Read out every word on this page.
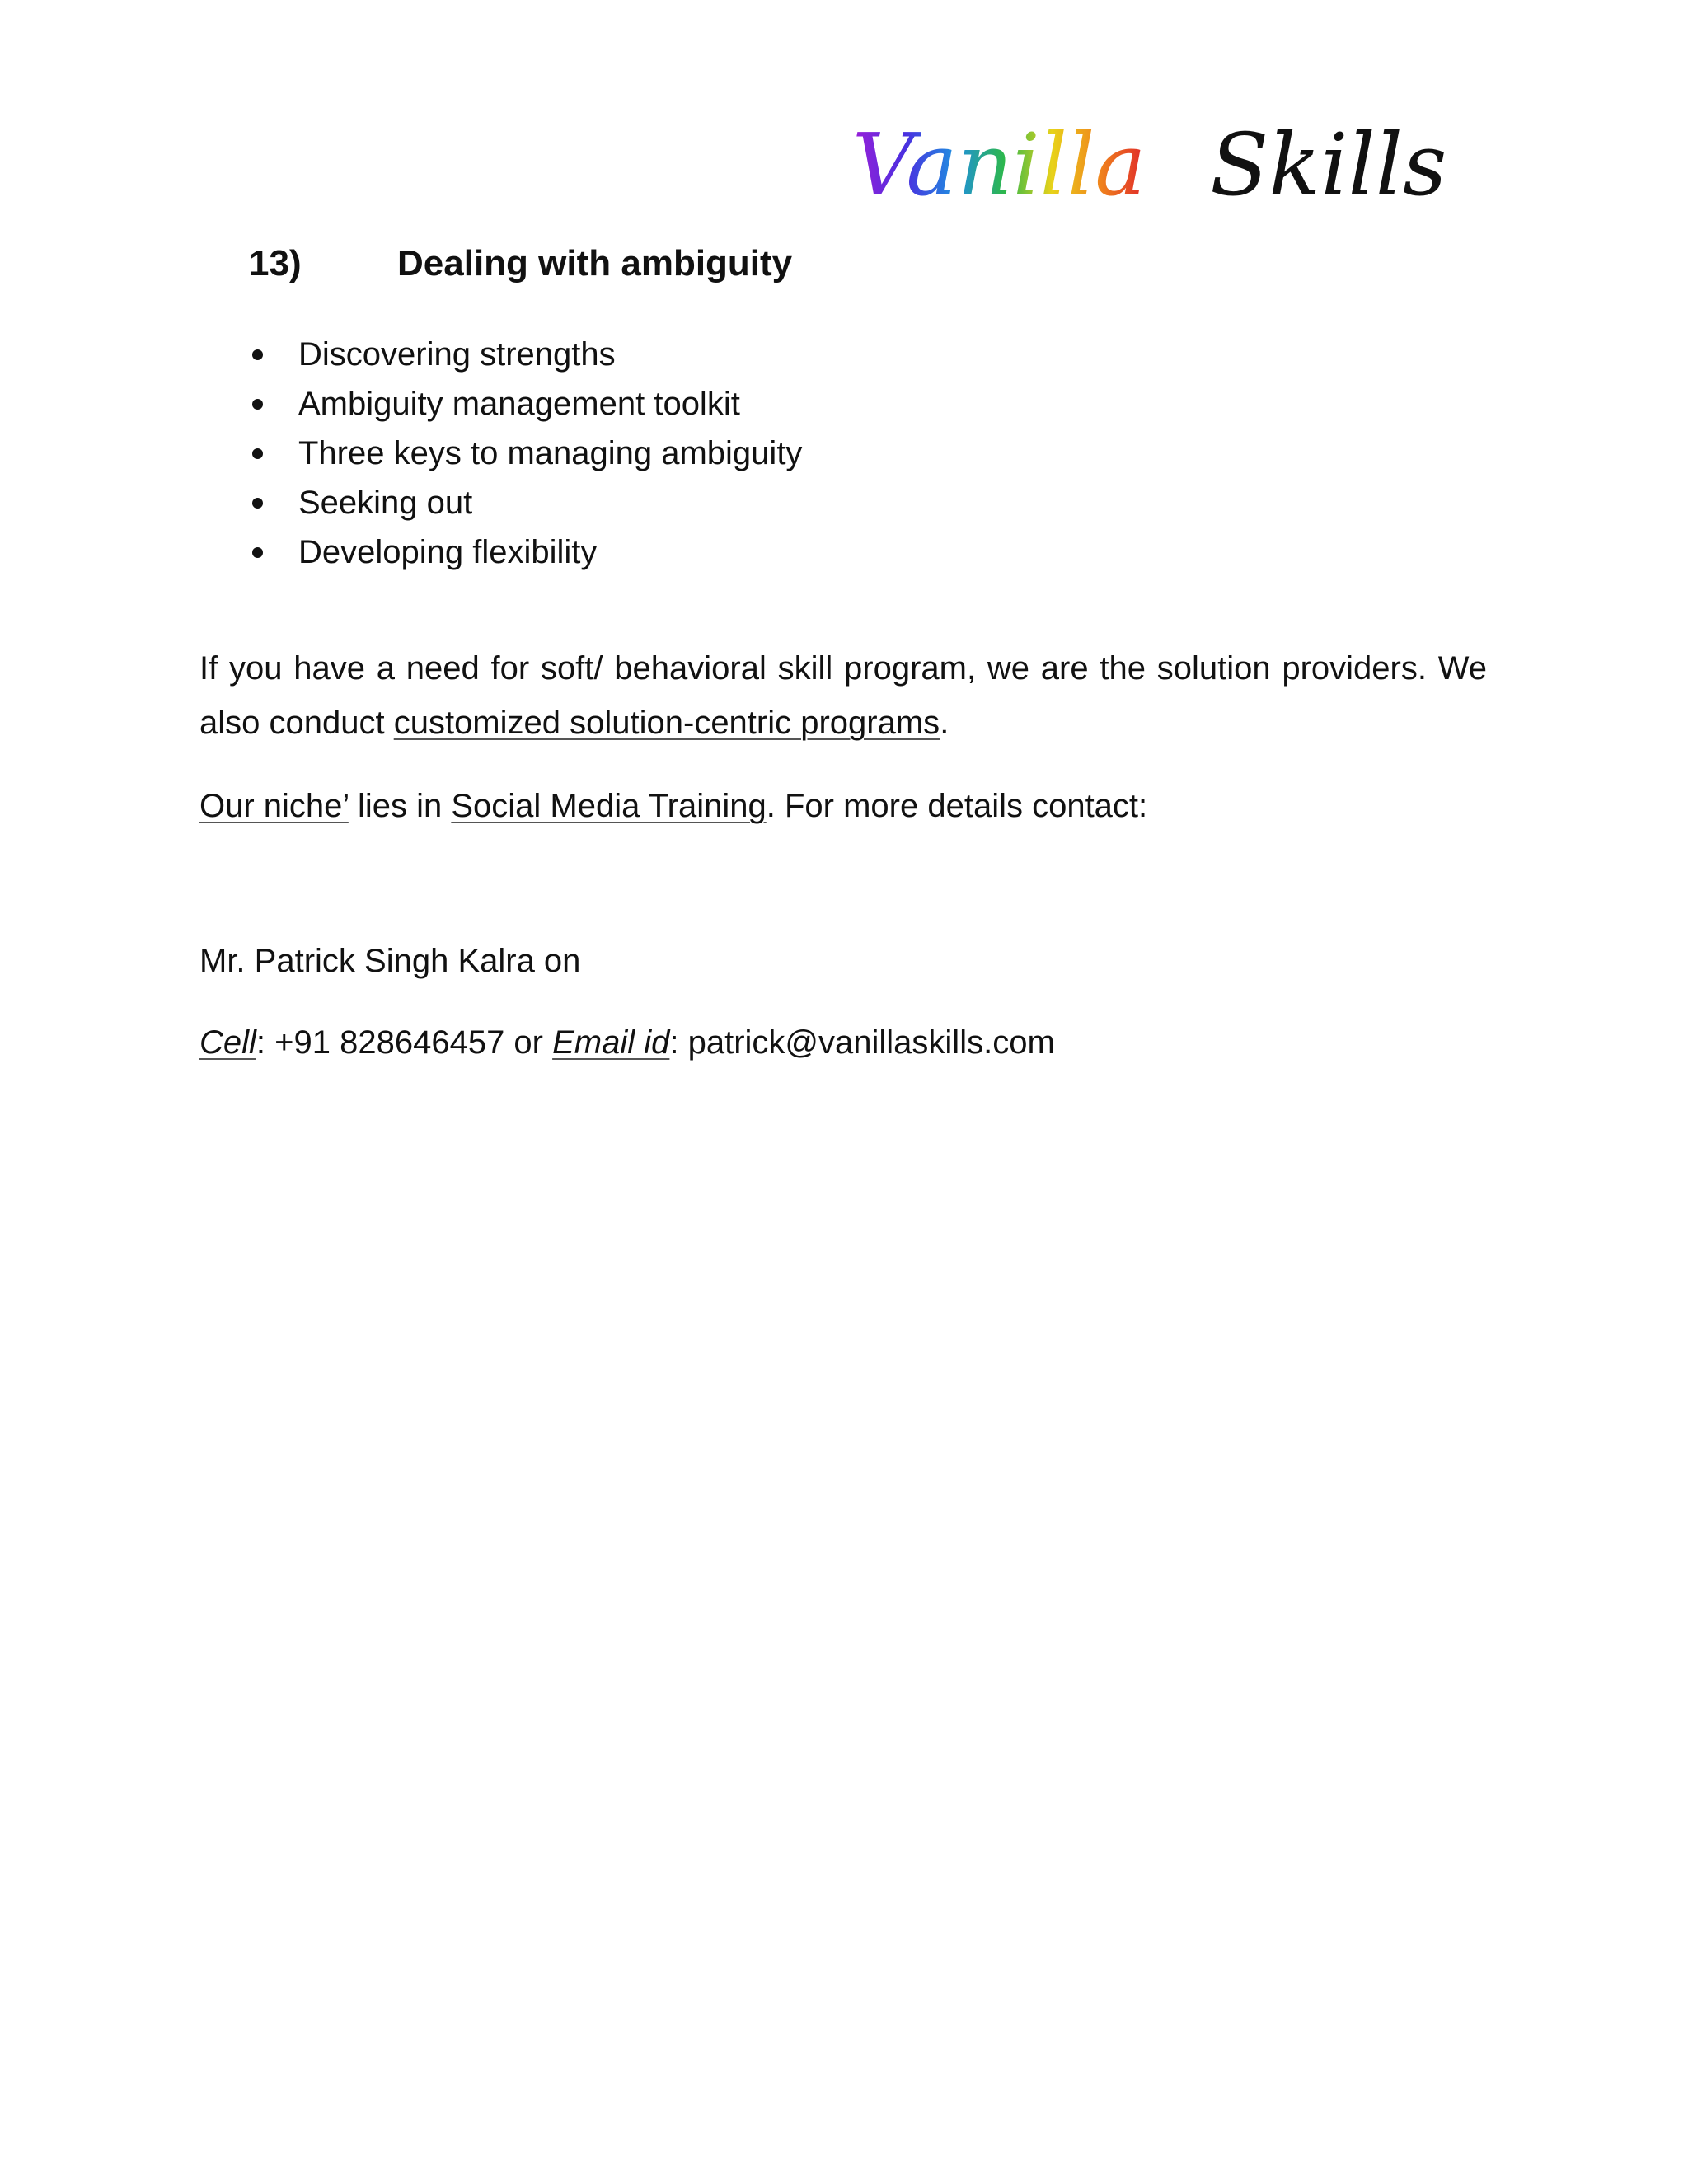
Vanilla Skills
13)	Dealing with ambiguity
Discovering strengths
Ambiguity management toolkit
Three keys to managing ambiguity
Seeking out
Developing flexibility

If you have a need for soft/ behavioral skill program, we are the solution providers. We also conduct customized solution-centric programs.

Our niche’ lies in Social Media Training. For more details contact:

Mr. Patrick Singh Kalra on

Cell: +91 828646457 or Email id: patrick@vanillaskills.com
